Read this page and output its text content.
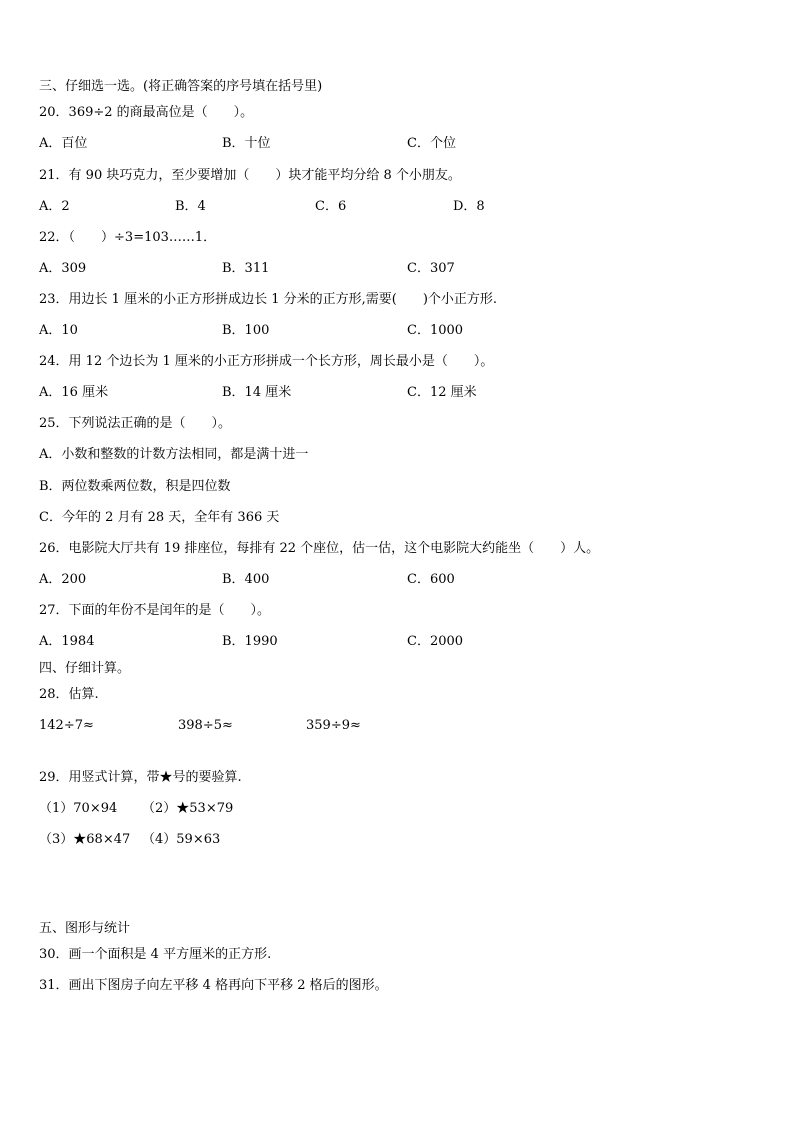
三、仔细选一选。(将正确答案的序号填在括号里)
20．369÷2 的商最高位是（　　）。
A．百位	B．十位	C．个位
21．有 90 块巧克力，至少要增加（　　）块才能平均分给 8 个小朋友。
A．2	B．4	C．6	D．8
22．（　　）÷3=103……1．
A．309	B．311	C．307
23．用边长 1 厘米的小正方形拼成边长 1 分米的正方形,需要(　　)个小正方形.
A．10	B．100	C．1000
24．用 12 个边长为 1 厘米的小正方形拼成一个长方形，周长最小是（　　）。
A．16 厘米	B．14 厘米	C．12 厘米
25．下列说法正确的是（　　）。
A．小数和整数的计数方法相同，都是满十进一
B．两位数乘两位数，积是四位数
C．今年的 2 月有 28 天，全年有 366 天
26．电影院大厅共有 19 排座位，每排有 22 个座位，估一估，这个电影院大约能坐（　　）人。
A．200	B．400	C．600
27．下面的年份不是闰年的是（　　）。
A．1984	B．1990	C．2000
四、仔细计算。
28．估算.
142÷7≈	398÷5≈	359÷9≈
29．用竖式计算，带★号的要验算.
（1）70×94 （2）★53×79
（3）★68×47 （4）59×63
五、图形与统计
30．画一个面积是 4 平方厘米的正方形.
31．画出下图房子向左平移 4 格再向下平移 2 格后的图形。
